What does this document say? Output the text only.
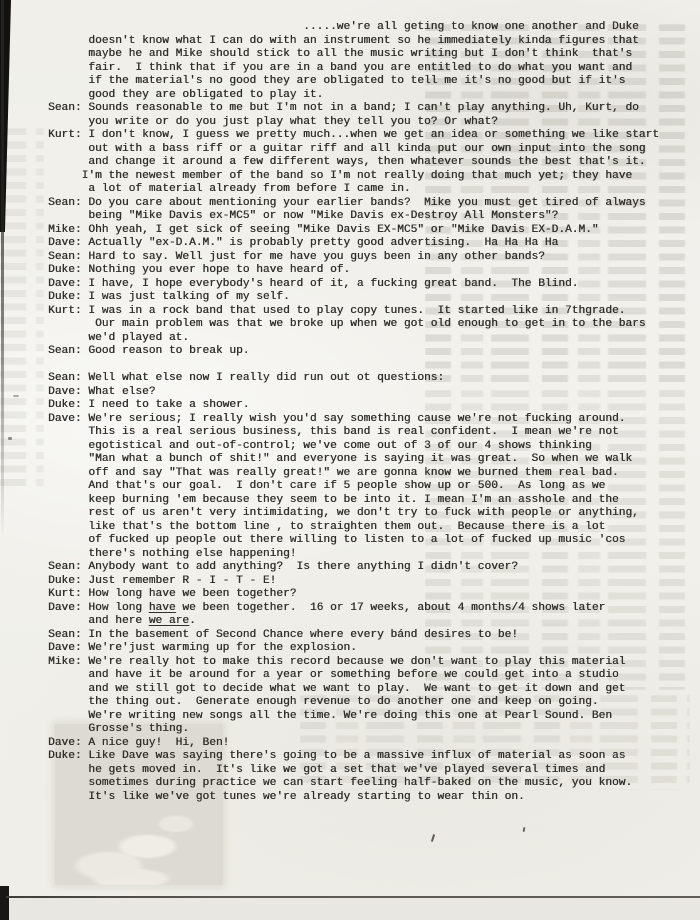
.....we're all geting to know one another and Duke
doesn't know what I can do with an instrument so he immediately kinda figures that
maybe he and Mike should stick to all the music writing but I don't think  that's
fair.  I think that if you are in a band you are entitled to do what you want and
if the material's no good they are obligated to tell me it's no good but if it's
good they are obligated to play it.
Sean: Sounds reasonable to me but I'm not in a band; I can't play anything. Uh, Kurt, do
you write or do you just play what they tell you to? Or what?
Kurt: I don't know, I guess we pretty much...when we get an idea or something we like start
out with a bass riff or a guitar riff and all kinda put our own input into the song
and change it around a few different ways, then whatever sounds the best that's it.
I'm the newest member of the band so I'm not really doing that much yet; they have
a lot of material already from before I came in.
Sean: Do you care about mentioning your earlier bands?  Mike you must get tired of always
being "Mike Davis ex-MC5" or now "Mike Davis ex-Destroy All Monsters"?
Mike: Ohh yeah, I get sick of seeing "Mike Davis EX-MC5" or "Mike Davis EX-D.A.M."
Dave: Actually "ex-D.A.M." is probably pretty good advertising.  Ha Ha Ha Ha
Sean: Hard to say. Well just for me have you guys been in any other bands?
Duke: Nothing you ever hope to have heard of.
Dave: I have, I hope everybody's heard of it, a fucking great band.  The Blind.
Duke: I was just talking of my self.
Kurt: I was in a rock band that used to play copy tunes.  It started like in 7thgrade.
Our main problem was that we broke up when we got old enough to get in to the bars
we'd played at.
Sean: Good reason to break up.
Sean: Well what else now I really did run out ot questions:
Dave: What else?
Duke: I need to take a shower.
Dave: We're serious; I really wish you'd say something cause we're not fucking around.
This is a real serious business, this band is real confident.  I mean we're not
egotistical and out-of-control; we've come out of 3 of our 4 shows thinking
"Man what a bunch of shit!" and everyone is saying it was great.  So when we walk
off and say "That was really great!" we are gonna know we burned them real bad.
And that's our goal.  I don't care if 5 people show up or 500.  As long as we
keep burning 'em because they seem to be into it. I mean I'm an asshole and the
rest of us aren't very intimidating, we don't try to fuck with people or anything,
like that's the bottom line , to straighten them out.  Because there is a lot
of fucked up people out there willing to listen to a lot of fucked up music 'cos
there's nothing else happening!
Sean: Anybody want to add anything?  Is there anything I didn't cover?
Duke: Just remember R - I - T - E!
Kurt: How long have we been together?
Dave: How long have we been together.  16 or 17 weeks, about 4 months/4 shows later
and here we are.
Sean: In the basement of Second Chance where every bánd desires to be!
Dave: We're'just warming up for the explosion.
Mike: We're really hot to make this record because we don't want to play this material
and have it be around for a year or something before we could get into a studio
and we still got to decide what we want to play.  We want to get it down and get
the thing out.  Generate enough revenue to do another one and keep on going.
We're writing new songs all the time. We're doing this one at Pearl Sound. Ben
Grosse's thing.
Dave: A nice guy!  Hi, Ben!
Duke: Like Dave was saying there's going to be a massive influx of material as soon as
he gets moved in.  It's like we got a set that we've played several times and
sometimes during practice we can start feeling half-baked on the music, you know.
It's like we've got tunes we're already starting to wear thin on.
